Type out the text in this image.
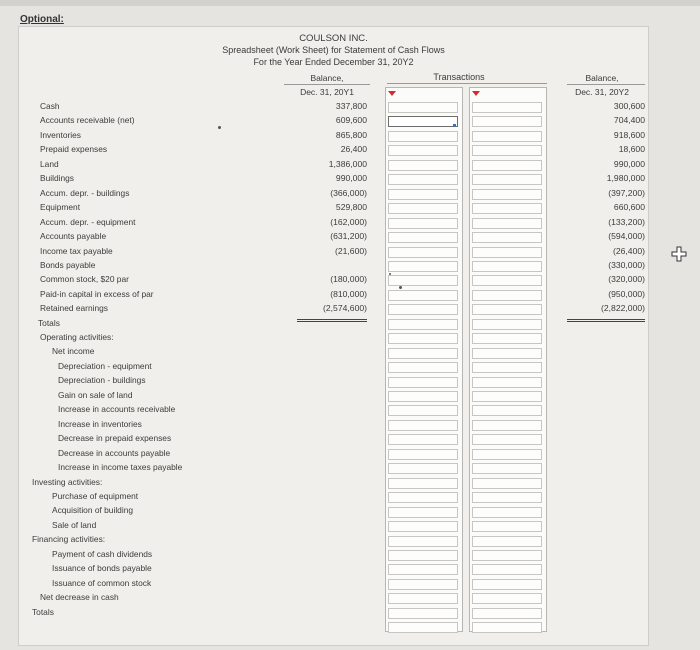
Optional:
COULSON INC.
Spreadsheet (Work Sheet) for Statement of Cash Flows
For the Year Ended December 31, 20Y2
Balance,
Dec. 31, 20Y1
Transactions	Balance,
Dec. 31, 20Y2
Cash
Accounts receivable (net)
Inventories
Prepaid expenses
Land
Buildings
Accum. depr. - buildings
Equipment
Accum. depr. - equipment
Accounts payable
Income tax payable
Bonds payable
Common stock, $20 par
Paid-in capital in excess of par
Retained earnings
Totals
Operating activities:
Net income
Depreciation - equipment
Depreciation - buildings
Gain on sale of land
Increase in accounts receivable
Increase in inventories
Decrease in prepaid expenses
Decrease in accounts payable
Increase in income taxes payable
Investing activities:
Purchase of equipment
Acquisition of building
Sale of land
Financing activities:
Payment of cash dividends
Issuance of bonds payable
Issuance of common stock
Net decrease in cash
Totals
337,800
609,600
865,800
26,400
1,386,000
990,000
(366,000)
529,800
(162,000)
(631,200)
(21,600)
(180,000)
(810,000)
(2,574,600)
300,600
704,400
918,600
18,600
990,000
1,980,000
(397,200)
660,600
(133,200)
(594,000)
(26,400)
(330,000)
(320,000)
(950,000)
(2,822,000)
